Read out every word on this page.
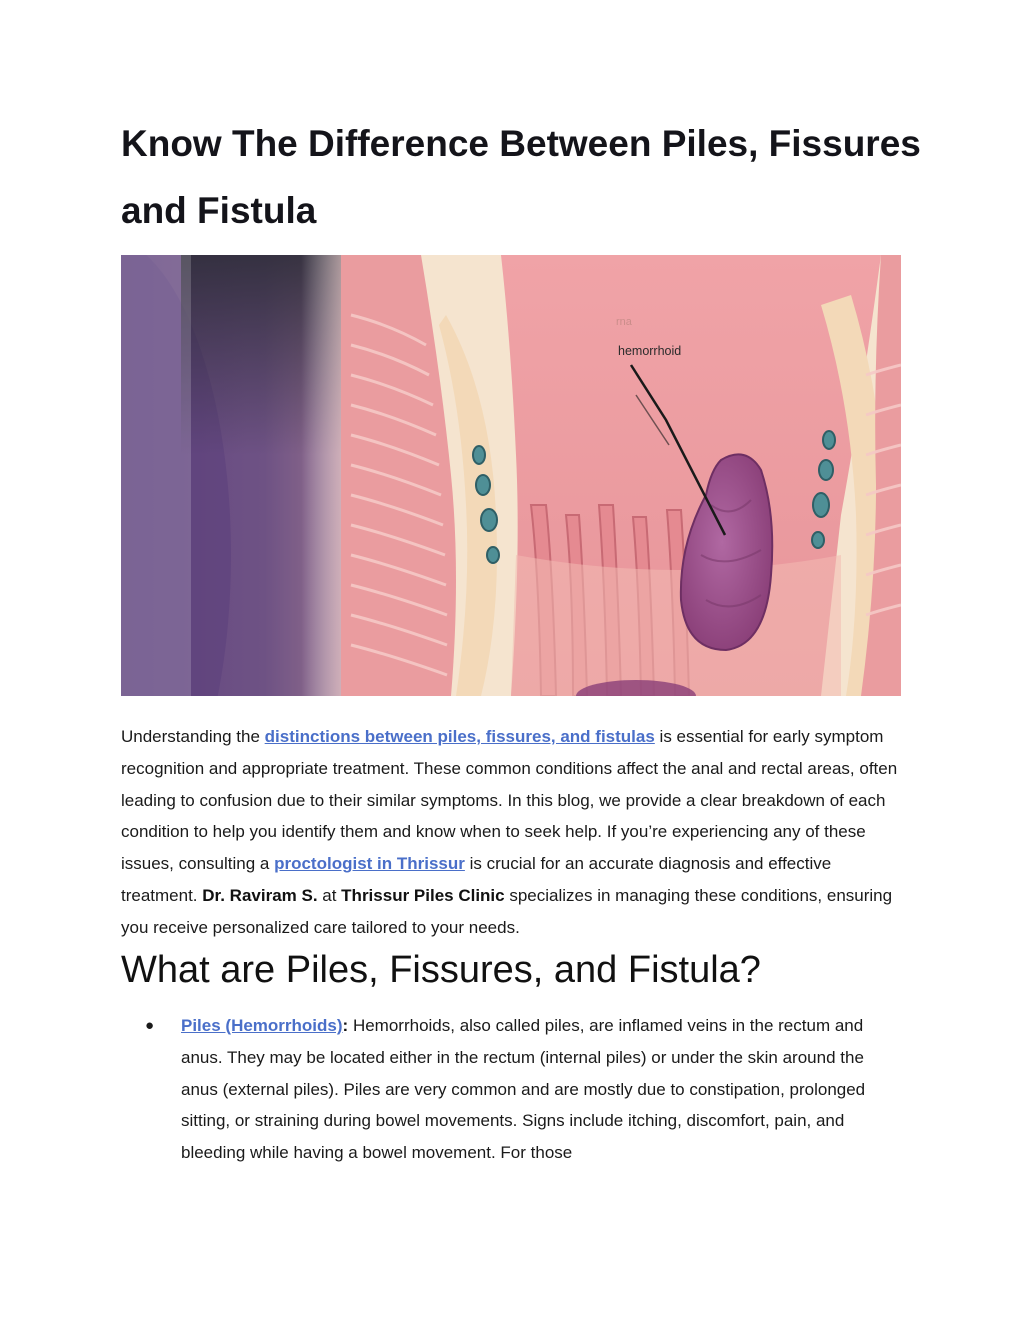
Know The Difference Between Piles, Fissures and Fistula
rna
hemorrhoid

Understanding the distinctions between piles, fissures, and fistulas is essential for early symptom recognition and appropriate treatment. These common conditions affect the anal and rectal areas, often leading to confusion due to their similar symptoms. In this blog, we provide a clear breakdown of each condition to help you identify them and know when to seek help. If you’re experiencing any of these issues, consulting a proctologist in Thrissur is crucial for an accurate diagnosis and effective treatment. Dr. Raviram S. at Thrissur Piles Clinic specializes in managing these conditions, ensuring you receive personalized care tailored to your needs.

What are Piles, Fissures, and Fistula?
● Piles (Hemorrhoids): Hemorrhoids, also called piles, are inflamed veins in the rectum and anus. They may be located either in the rectum (internal piles) or under the skin around the anus (external piles). Piles are very common and are mostly due to constipation, prolonged sitting, or straining during bowel movements. Signs include itching, discomfort, pain, and bleeding while having a bowel movement. For those
